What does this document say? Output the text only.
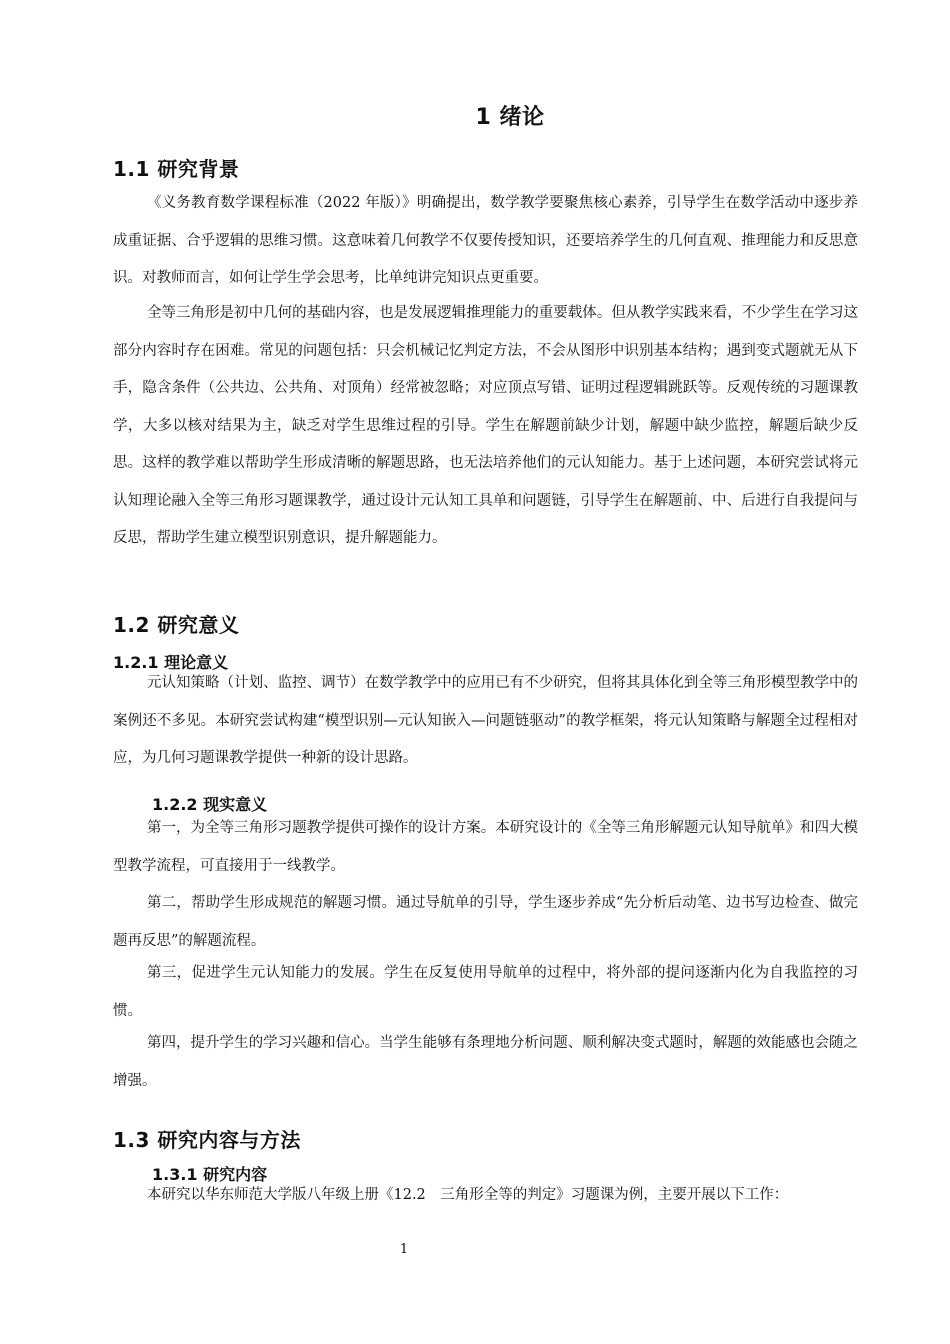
1 绪论
1.1 研究背景

《义务教育数学课程标准（2022 年版）》明确提出，数学教学要聚焦核心素养，引导学生在数学活动中逐步养成重证据、合乎逻辑的思维习惯。这意味着几何教学不仅要传授知识，还要培养学生的几何直观、推理能力和反思意识。对教师而言，如何让学生学会思考，比单纯讲完知识点更重要。

全等三角形是初中几何的基础内容，也是发展逻辑推理能力的重要载体。但从教学实践来看，不少学生在学习这部分内容时存在困难。常见的问题包括：只会机械记忆判定方法，不会从图形中识别基本结构；遇到变式题就无从下手，隐含条件（公共边、公共角、对顶角）经常被忽略；对应顶点写错、证明过程逻辑跳跃等。反观传统的习题课教学，大多以核对结果为主，缺乏对学生思维过程的引导。学生在解题前缺少计划，解题中缺少监控，解题后缺少反思。这样的教学难以帮助学生形成清晰的解题思路，也无法培养他们的元认知能力。基于上述问题，本研究尝试将元认知理论融入全等三角形习题课教学，通过设计元认知工具单和问题链，引导学生在解题前、中、后进行自我提问与反思，帮助学生建立模型识别意识，提升解题能力。

1.2 研究意义
1.2.1 理论意义

元认知策略（计划、监控、调节）在数学教学中的应用已有不少研究，但将其具体化到全等三角形模型教学中的案例还不多见。本研究尝试构建“模型识别—元认知嵌入—问题链驱动”的教学框架，将元认知策略与解题全过程相对应，为几何习题课教学提供一种新的设计思路。

1.2.2 现实意义

第一，为全等三角形习题教学提供可操作的设计方案。本研究设计的《全等三角形解题元认知导航单》和四大模型教学流程，可直接用于一线教学。

第二，帮助学生形成规范的解题习惯。通过导航单的引导，学生逐步养成“先分析后动笔、边书写边检查、做完题再反思”的解题流程。

第三，促进学生元认知能力的发展。学生在反复使用导航单的过程中，将外部的提问逐渐内化为自我监控的习惯。

第四，提升学生的学习兴趣和信心。当学生能够有条理地分析问题、顺利解决变式题时，解题的效能感也会随之增强。

1.3 研究内容与方法
1.3.1 研究内容

本研究以华东师范大学版八年级上册《12.2　三角形全等的判定》习题课为例，主要开展以下工作：

1
